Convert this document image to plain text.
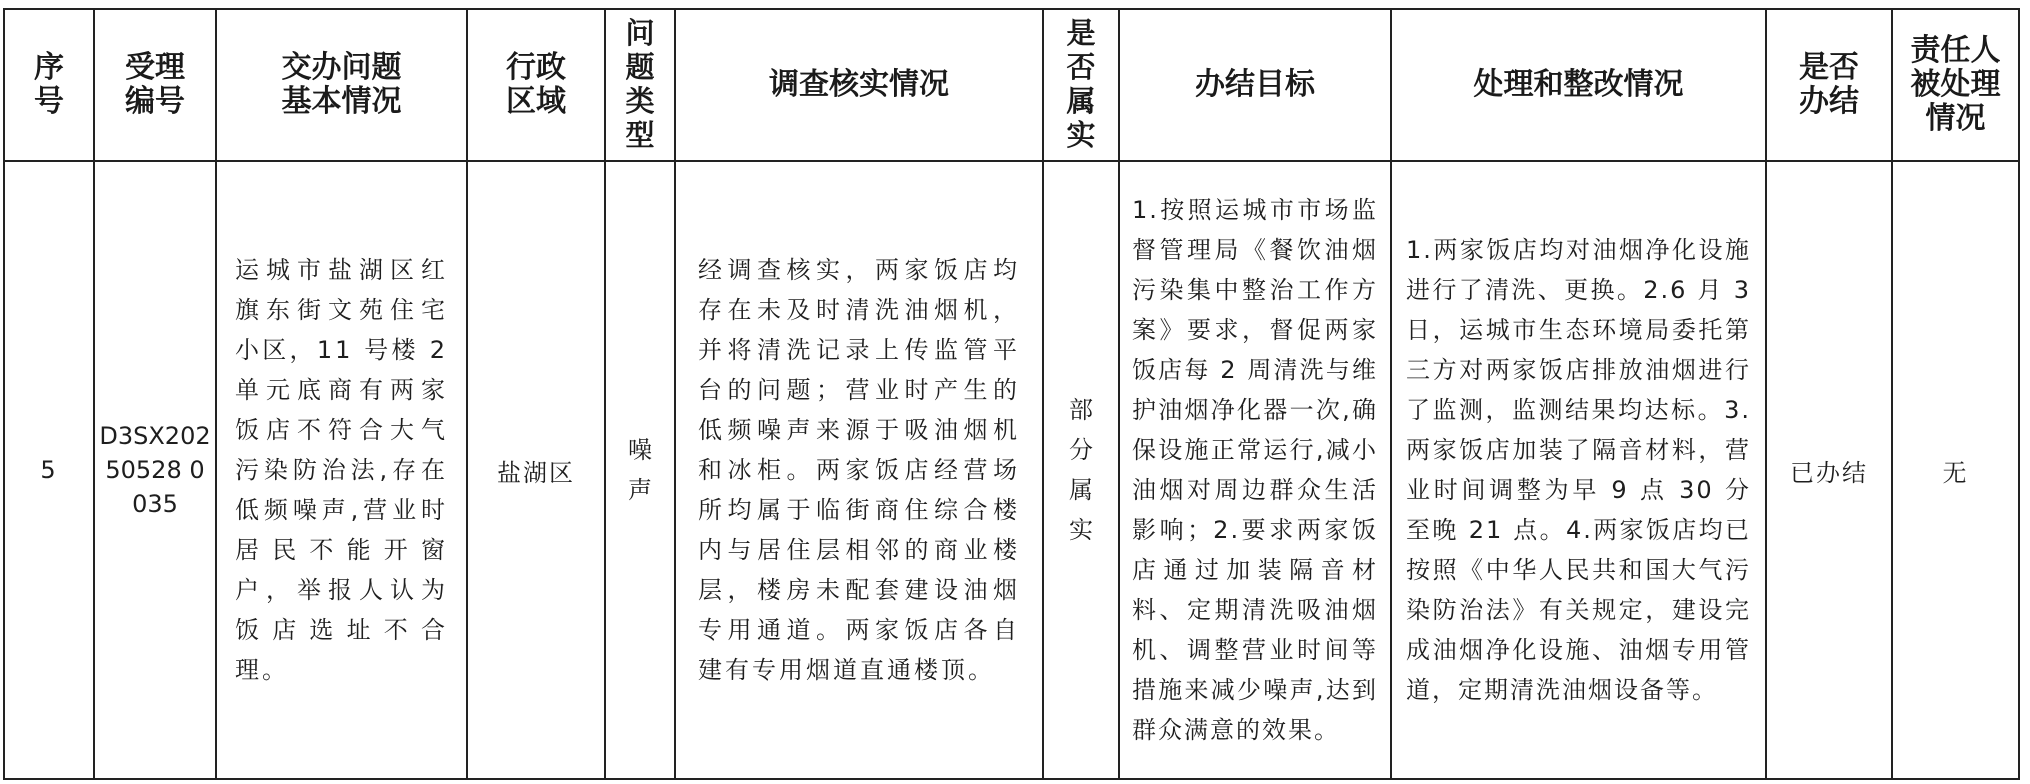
序号	受理编号	交办问题基本情况	行政区域	问题类型	调查核实情况	是否属实	办结目标	处理和整改情况	是否办结	责任人被处理情况
5	D3SX20250528 0035	运城市盐湖区红旗东街文苑住宅小区，11 号楼 2 单元底商有两家饭店不符合大气污染防治法,存在低频噪声,营业时居民不能开窗户，举报人认为饭店选址不合理。	盐湖区	噪声	经调查核实，两家饭店均存在未及时清洗油烟机，并将清洗记录上传监管平台的问题；营业时产生的低频噪声来源于吸油烟机和冰柜。两家饭店经营场所均属于临街商住综合楼内与居住层相邻的商业楼层，楼房未配套建设油烟专用通道。两家饭店各自建有专用烟道直通楼顶。	部分属实	1.按照运城市市场监督管理局《餐饮油烟污染集中整治工作方案》要求，督促两家饭店每 2 周清洗与维护油烟净化器一次,确保设施正常运行,减小油烟对周边群众生活影响；2.要求两家饭店通过加装隔音材料、定期清洗吸油烟机、调整营业时间等措施来减少噪声,达到群众满意的效果。	1.两家饭店均对油烟净化设施进行了清洗、更换。2.6 月 3 日，运城市生态环境局委托第三方对两家饭店排放油烟进行了监测，监测结果均达标。3.两家饭店加装了隔音材料，营业时间调整为早 9 点 30 分至晚 21 点。4.两家饭店均已按照《中华人民共和国大气污染防治法》有关规定，建设完成油烟净化设施、油烟专用管道，定期清洗油烟设备等。	已办结	无
